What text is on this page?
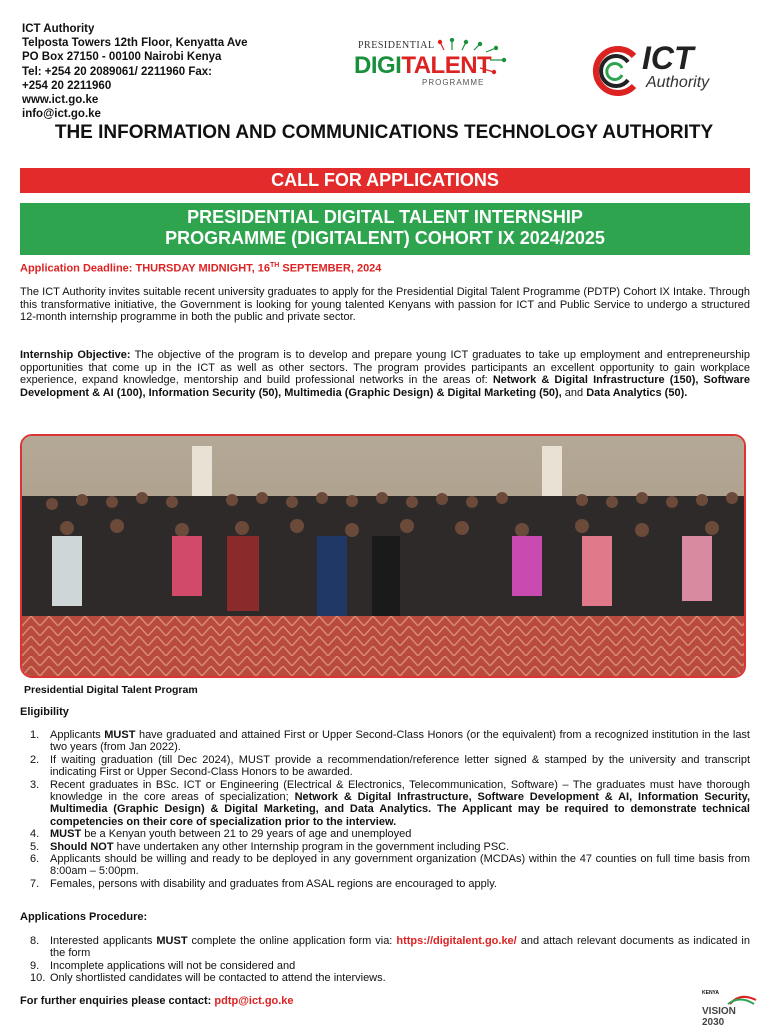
ICT Authority
Telposta Towers 12th Floor, Kenyatta Ave
PO Box 27150 - 00100 Nairobi Kenya
Tel: +254 20 2089061/ 2211960 Fax:
+254 20 2211960
www.ict.go.ke
info@ict.go.ke
PRESIDENTIAL
DIGITALENT
PROGRAMME
ICT
Authority
THE INFORMATION AND COMMUNICATIONS TECHNOLOGY AUTHORITY
CALL FOR APPLICATIONS
PRESIDENTIAL DIGITAL TALENT INTERNSHIP
PROGRAMME (DIGITALENT) COHORT IX 2024/2025
Application Deadline: THURSDAY MIDNIGHT, 16TH SEPTEMBER, 2024
The ICT Authority invites suitable recent university graduates to apply for the Presidential Digital Talent Programme (PDTP) Cohort IX Intake. Through this transformative initiative, the Government is looking for young talented Kenyans with passion for ICT and Public Service to undergo a structured 12-month internship programme in both the public and private sector.
Internship Objective: The objective of the program is to develop and prepare young ICT graduates to take up employment and entrepreneurship opportunities that come up in the ICT as well as other sectors. The program provides participants an excellent opportunity to gain workplace experience, expand knowledge, mentorship and build professional networks in the areas of: Network & Digital Infrastructure (150), Software Development & AI (100), Information Security (50), Multimedia (Graphic Design) & Digital Marketing (50), and Data Analytics (50).
Presidential Digital Talent Program
Eligibility
1. Applicants MUST have graduated and attained First or Upper Second-Class Honors (or the equivalent) from a recognized institution in the last two years (from Jan 2022).
2. If waiting graduation (till Dec 2024), MUST provide a recommendation/reference letter signed & stamped by the university and transcript indicating First or Upper Second-Class Honors to be awarded.
3. Recent graduates in BSc. ICT or Engineering (Electrical & Electronics, Telecommunication, Software) – The graduates must have thorough knowledge in the core areas of specialization; Network & Digital Infrastructure, Software Development & AI, Information Security, Multimedia (Graphic Design) & Digital Marketing, and Data Analytics. The Applicant may be required to demonstrate technical competencies on their core of specialization prior to the interview.
4. MUST be a Kenyan youth between 21 to 29 years of age and unemployed
5. Should NOT have undertaken any other Internship program in the government including PSC.
6. Applicants should be willing and ready to be deployed in any government organization (MCDAs) within the 47 counties on full time basis from 8:00am – 5:00pm.
7. Females, persons with disability and graduates from ASAL regions are encouraged to apply.
Applications Procedure:
8. Interested applicants MUST complete the online application form via: https://digitalent.go.ke/ and attach relevant documents as indicated in the form
9. Incomplete applications will not be considered and
10. Only shortlisted candidates will be contacted to attend the interviews.
For further enquiries please contact: pdtp@ict.go.ke
KENYA
VISION 2030
